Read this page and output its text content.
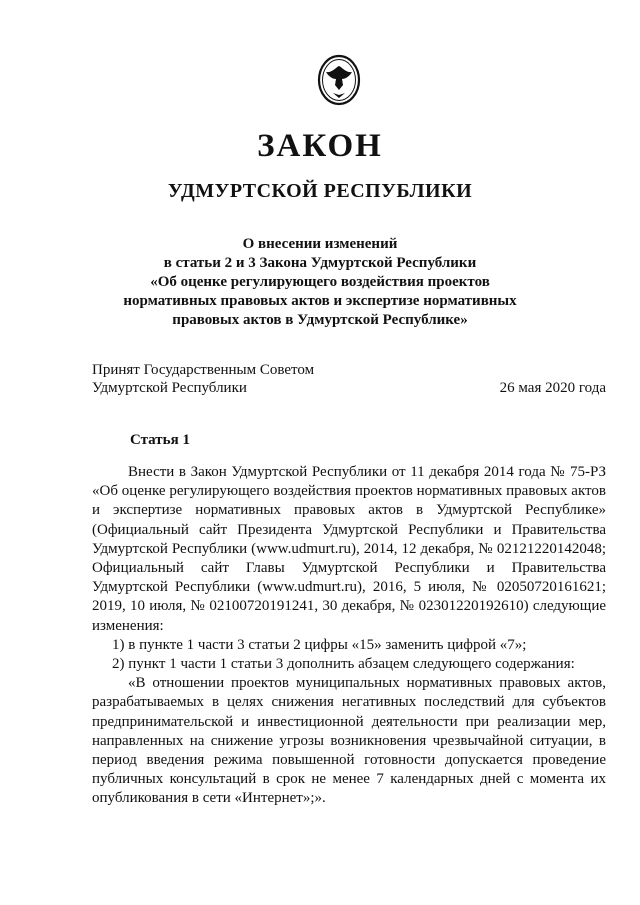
ЗАКОН
УДМУРТСКОЙ РЕСПУБЛИКИ
О внесении изменений
в статьи 2 и 3 Закона Удмуртской Республики
«Об оценке регулирующего воздействия проектов
нормативных правовых актов и экспертизе нормативных
правовых актов в Удмуртской Республике»
Принят Государственным Советом
Удмуртской Республики	26 мая 2020 года
Статья 1

Внести в Закон Удмуртской Республики от 11 декабря 2014 года № 75-РЗ «Об оценке регулирующего воздействия проектов нормативных правовых актов и экспертизе нормативных правовых актов в Удмуртской Республике» (Официальный сайт Президента Удмуртской Республики и Правительства Удмуртской Республики (www.udmurt.ru), 2014, 12 декабря, № 02121220142048; Официальный сайт Главы Удмуртской Республики и Правительства Удмуртской Республики (www.udmurt.ru), 2016, 5 июля, № 02050720161621; 2019, 10 июля, № 02100720191241, 30 декабря, № 02301220192610) следующие изменения:

1) в пункте 1 части 3 статьи 2 цифры «15» заменить цифрой «7»;

2) пункт 1 части 1 статьи 3 дополнить абзацем следующего содержания:

«В отношении проектов муниципальных нормативных правовых актов, разрабатываемых в целях снижения негативных последствий для субъектов предпринимательской и инвестиционной деятельности при реализации мер, направленных на снижение угрозы возникновения чрезвычайной ситуации, в период введения режима повышенной готовности допускается проведение публичных консультаций в срок не менее 7 календарных дней с момента их опубликования в сети «Интернет»;».
